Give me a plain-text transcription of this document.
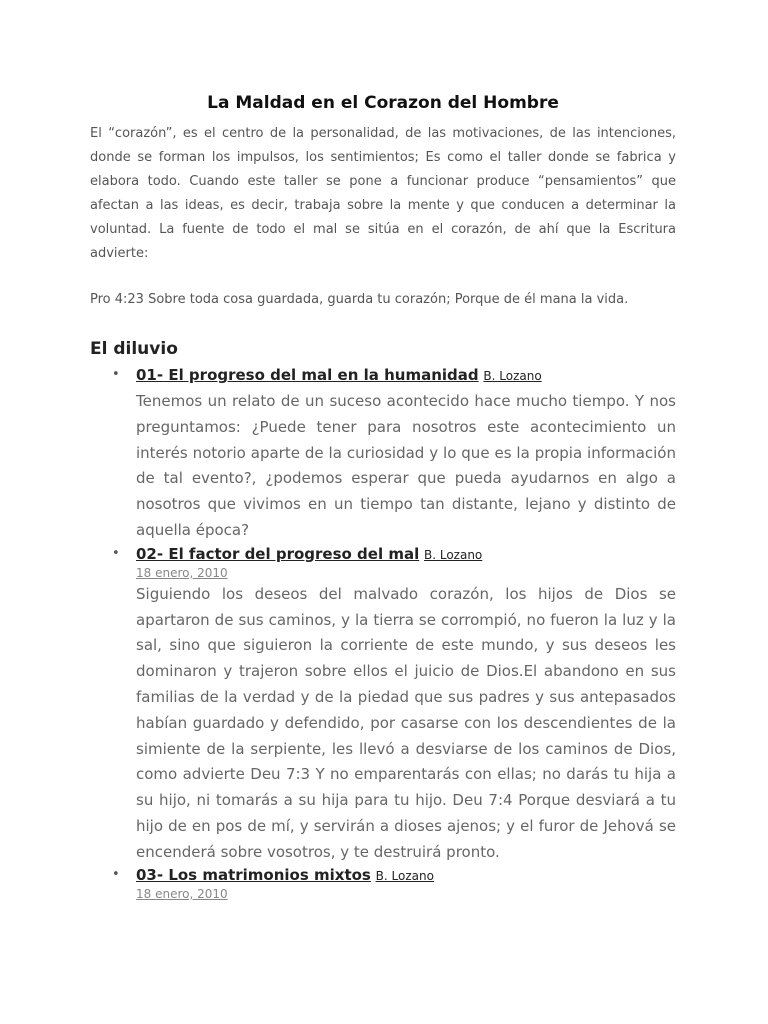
La Maldad en el Corazon del Hombre

El “corazón”, es el centro de la personalidad, de las motivaciones, de las intenciones, donde se forman los impulsos, los sentimientos; Es como el taller donde se fabrica y elabora todo. Cuando este taller se pone a funcionar produce “pensamientos” que afectan a las ideas, es decir, trabaja sobre la mente y que conducen a determinar la voluntad. La fuente de todo el mal se sitúa en el corazón, de ahí que la Escritura advierte:

Pro 4:23 Sobre toda cosa guardada, guarda tu corazón; Porque de él mana la vida.

El diluvio
• 01- El progreso del mal en la humanidad B. Lozano

Tenemos un relato de un suceso acontecido hace mucho tiempo. Y nos preguntamos: ¿Puede tener para nosotros este acontecimiento un interés notorio aparte de la curiosidad y lo que es la propia información de tal evento?, ¿podemos esperar que pueda ayudarnos en algo a nosotros que vivimos en un tiempo tan distante, lejano y distinto de aquella época?

• 02- El factor del progreso del mal B. Lozano
18 enero, 2010

Siguiendo los deseos del malvado corazón, los hijos de Dios se apartaron de sus caminos, y la tierra se corrompió, no fueron la luz y la sal, sino que siguieron la corriente de este mundo, y sus deseos les dominaron y trajeron sobre ellos el juicio de Dios.El abandono en sus familias de la verdad y de la piedad que sus padres y sus antepasados habían guardado y defendido, por casarse con los descendientes de la simiente de la serpiente, les llevó a desviarse de los caminos de Dios, como advierte Deu 7:3 Y no emparentarás con ellas; no darás tu hija a su hijo, ni tomarás a su hija para tu hijo. Deu 7:4 Porque desviará a tu hijo de en pos de mí, y servirán a dioses ajenos; y el furor de Jehová se encenderá sobre vosotros, y te destruirá pronto.

• 03- Los matrimonios mixtos B. Lozano
18 enero, 2010
